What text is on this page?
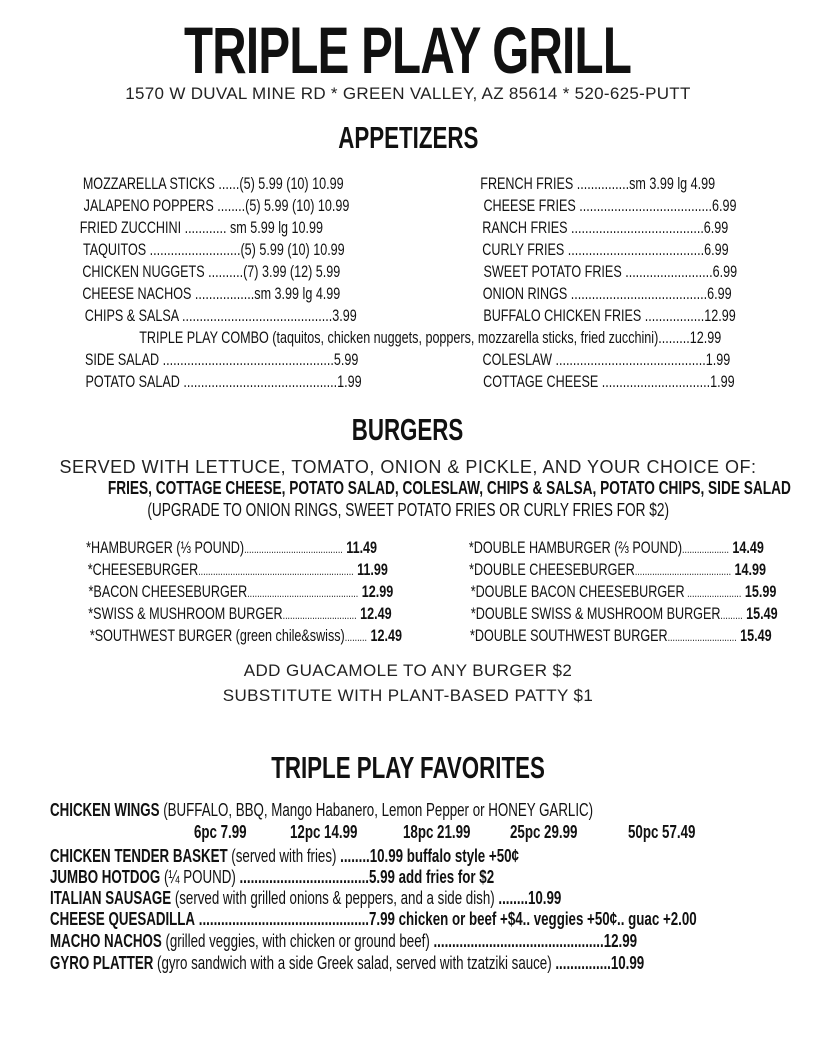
TRIPLE PLAY GRILL
1570 W DUVAL MINE RD * GREEN VALLEY, AZ 85614 * 520-625-PUTT
APPETIZERS
MOZZARELLA STICKS ......(5) 5.99 (10) 10.99
JALAPENO POPPERS ........(5) 5.99 (10) 10.99
FRIED ZUCCHINI ............ sm 5.99 lg 10.99
TAQUITOS ..........................(5) 5.99 (10) 10.99
CHICKEN NUGGETS ..........(7) 3.99 (12) 5.99
CHEESE NACHOS .................sm 3.99 lg 4.99
CHIPS & SALSA ...........................................3.99
FRENCH FRIES ...............sm 3.99 lg 4.99
CHEESE FRIES ......................................6.99
RANCH FRIES ......................................6.99
CURLY FRIES .......................................6.99
SWEET POTATO FRIES .........................6.99
ONION RINGS .......................................6.99
BUFFALO CHICKEN FRIES .................12.99
TRIPLE PLAY COMBO (taquitos, chicken nuggets, poppers, mozzarella sticks, fried zucchini).........12.99
SIDE SALAD .................................................5.99
POTATO SALAD ............................................1.99
COLESLAW ...........................................1.99
COTTAGE CHEESE ...............................1.99
BURGERS
SERVED WITH LETTUCE, TOMATO, ONION & PICKLE, AND YOUR CHOICE OF:
FRIES, COTTAGE CHEESE, POTATO SALAD, COLESLAW, CHIPS & SALSA, POTATO CHIPS, SIDE SALAD
(UPGRADE TO ONION RINGS, SWEET POTATO FRIES OR CURLY FRIES FOR $2)
*HAMBURGER (⅓ POUND)........................................ 11.49
*CHEESEBURGER............................................................... 11.99
*BACON CHEESEBURGER............................................. 12.99
*SWISS & MUSHROOM BURGER.............................. 12.49
*SOUTHWEST BURGER (green chile&swiss)......... 12.49
*DOUBLE HAMBURGER (⅔ POUND)................... 14.49
*DOUBLE CHEESEBURGER....................................... 14.99
*DOUBLE BACON CHEESEBURGER ...................... 15.99
*DOUBLE SWISS & MUSHROOM BURGER......... 15.49
*DOUBLE SOUTHWEST BURGER............................ 15.49
ADD GUACAMOLE TO ANY BURGER $2
SUBSTITUTE WITH PLANT-BASED PATTY $1
TRIPLE PLAY FAVORITES
CHICKEN WINGS (BUFFALO, BBQ, Mango Habanero, Lemon Pepper or HONEY GARLIC)
6pc 7.99 12pc 14.99	18pc 21.99 25pc 29.99	50pc 57.49
CHICKEN TENDER BASKET (served with fries) ........10.99 buffalo style +50¢
JUMBO HOTDOG (¼ POUND) ...................................5.99 add fries for $2
ITALIAN SAUSAGE (served with grilled onions & peppers, and a side dish) ........10.99
CHEESE QUESADILLA ..............................................7.99 chicken or beef +$4.. veggies +50¢.. guac +2.00
MACHO NACHOS (grilled veggies, with chicken or ground beef) ..............................................12.99
GYRO PLATTER (gyro sandwich with a side Greek salad, served with tzatziki sauce) ...............10.99
